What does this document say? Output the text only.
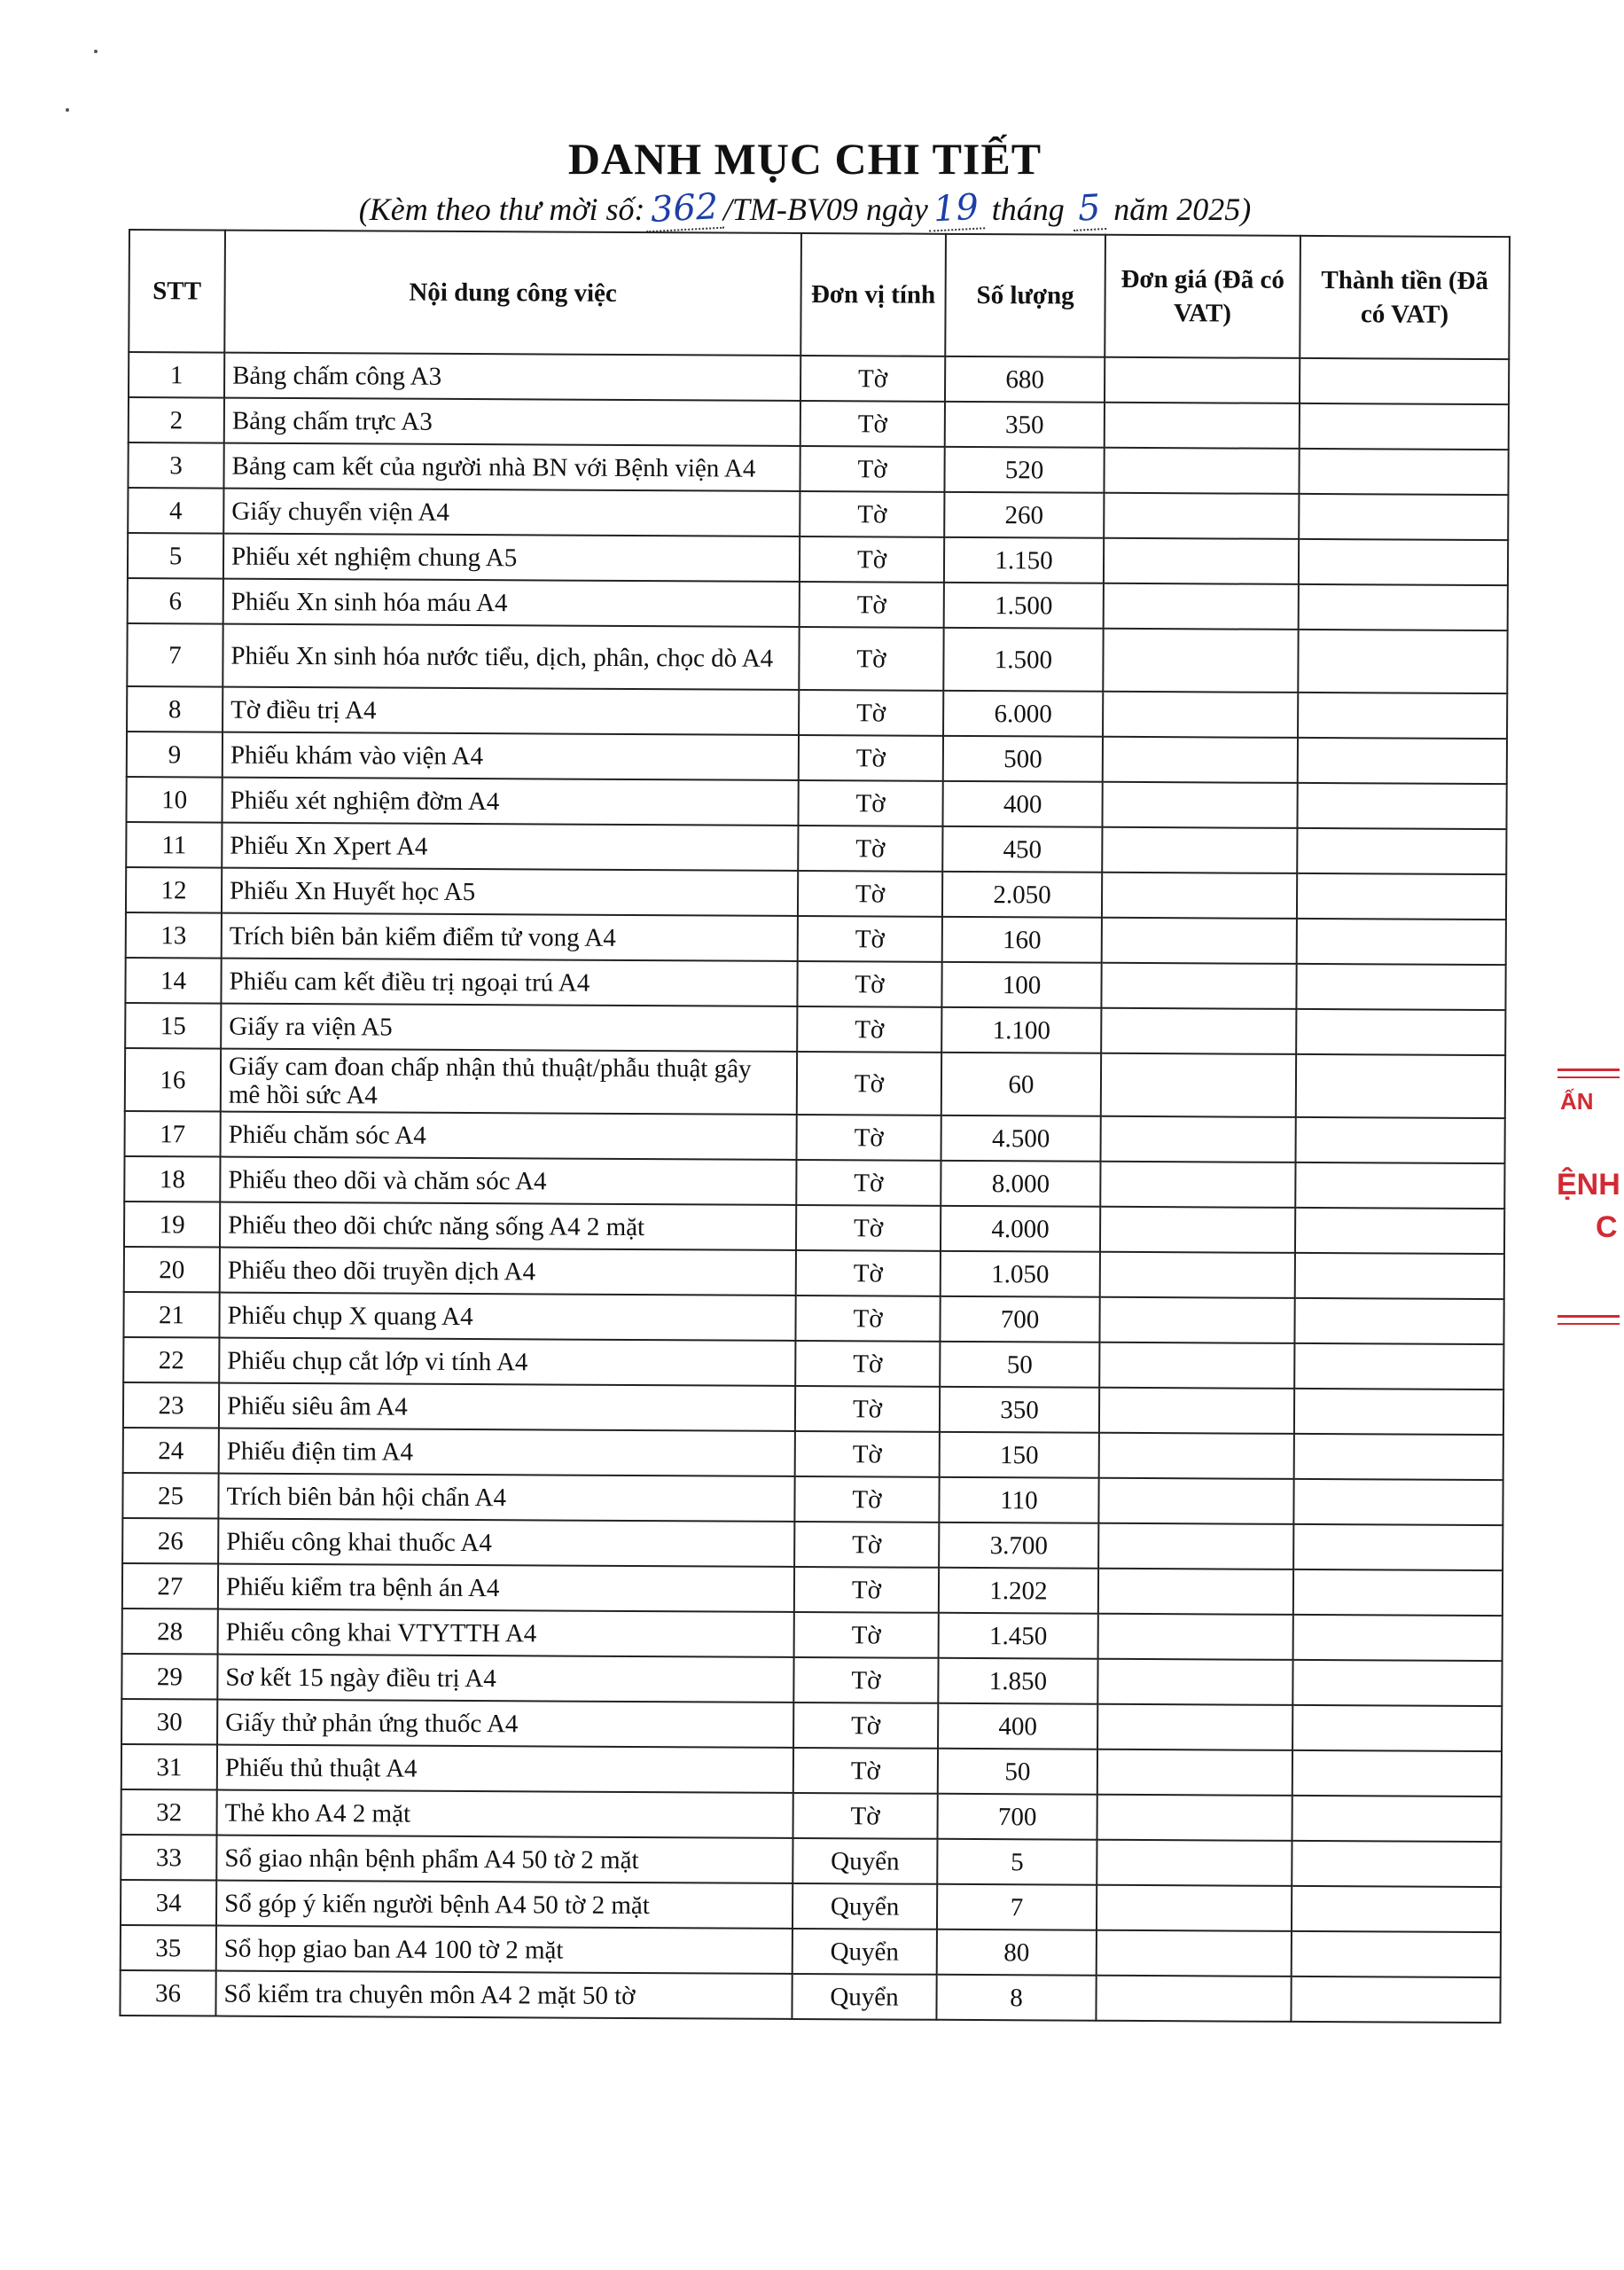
DANH MỤC CHI TIẾT
(Kèm theo thư mời số: 362 /TM-BV09 ngày 19 tháng 5 năm 2025)
STT	Nội dung công việc	Đơn vị tính	Số lượng	Đơn giá (Đã có VAT)	Thành tiền (Đã có VAT)
1	Bảng chấm công A3	Tờ	680		
2	Bảng chấm trực A3	Tờ	350		
3	Bảng cam kết của người nhà BN với Bệnh viện A4	Tờ	520		
4	Giấy chuyển viện A4	Tờ	260		
5	Phiếu xét nghiệm chung A5	Tờ	1.150		
6	Phiếu Xn sinh hóa máu A4	Tờ	1.500		
7	Phiếu Xn sinh hóa nước tiểu, dịch, phân, chọc dò A4	Tờ	1.500		
8	Tờ điều trị A4	Tờ	6.000		
9	Phiếu khám vào viện A4	Tờ	500		
10	Phiếu xét nghiệm đờm A4	Tờ	400		
11	Phiếu Xn Xpert A4	Tờ	450		
12	Phiếu Xn Huyết học A5	Tờ	2.050		
13	Trích biên bản kiểm điểm tử vong A4	Tờ	160		
14	Phiếu cam kết điều trị ngoại trú A4	Tờ	100		
15	Giấy ra viện A5	Tờ	1.100		
16	Giấy cam đoan chấp nhận thủ thuật/phẫu thuật gây mê hồi sức A4	Tờ	60		
17	Phiếu chăm sóc A4	Tờ	4.500		
18	Phiếu theo dõi và chăm sóc A4	Tờ	8.000		
19	Phiếu theo dõi chức năng sống A4 2 mặt	Tờ	4.000		
20	Phiếu theo dõi truyền dịch A4	Tờ	1.050		
21	Phiếu chụp X quang A4	Tờ	700		
22	Phiếu chụp cắt lớp vi tính A4	Tờ	50		
23	Phiếu siêu âm A4	Tờ	350		
24	Phiếu điện tim A4	Tờ	150		
25	Trích biên bản hội chẩn A4	Tờ	110		
26	Phiếu công khai thuốc A4	Tờ	3.700		
27	Phiếu kiểm tra bệnh án A4	Tờ	1.202		
28	Phiếu công khai VTYTTH A4	Tờ	1.450		
29	Sơ kết 15 ngày điều trị A4	Tờ	1.850		
30	Giấy thử phản ứng thuốc A4	Tờ	400		
31	Phiếu thủ thuật A4	Tờ	50		
32	Thẻ kho A4 2 mặt	Tờ	700		
33	Sổ giao nhận bệnh phẩm A4 50 tờ 2 mặt	Quyển	5		
34	Sổ góp ý kiến người bệnh A4 50 tờ 2 mặt	Quyển	7		
35	Sổ họp giao ban A4 100 tờ 2 mặt	Quyển	80		
36	Sổ kiểm tra chuyên môn A4 2 mặt 50 tờ	Quyển	8		
ẤN
ỆNH
C
